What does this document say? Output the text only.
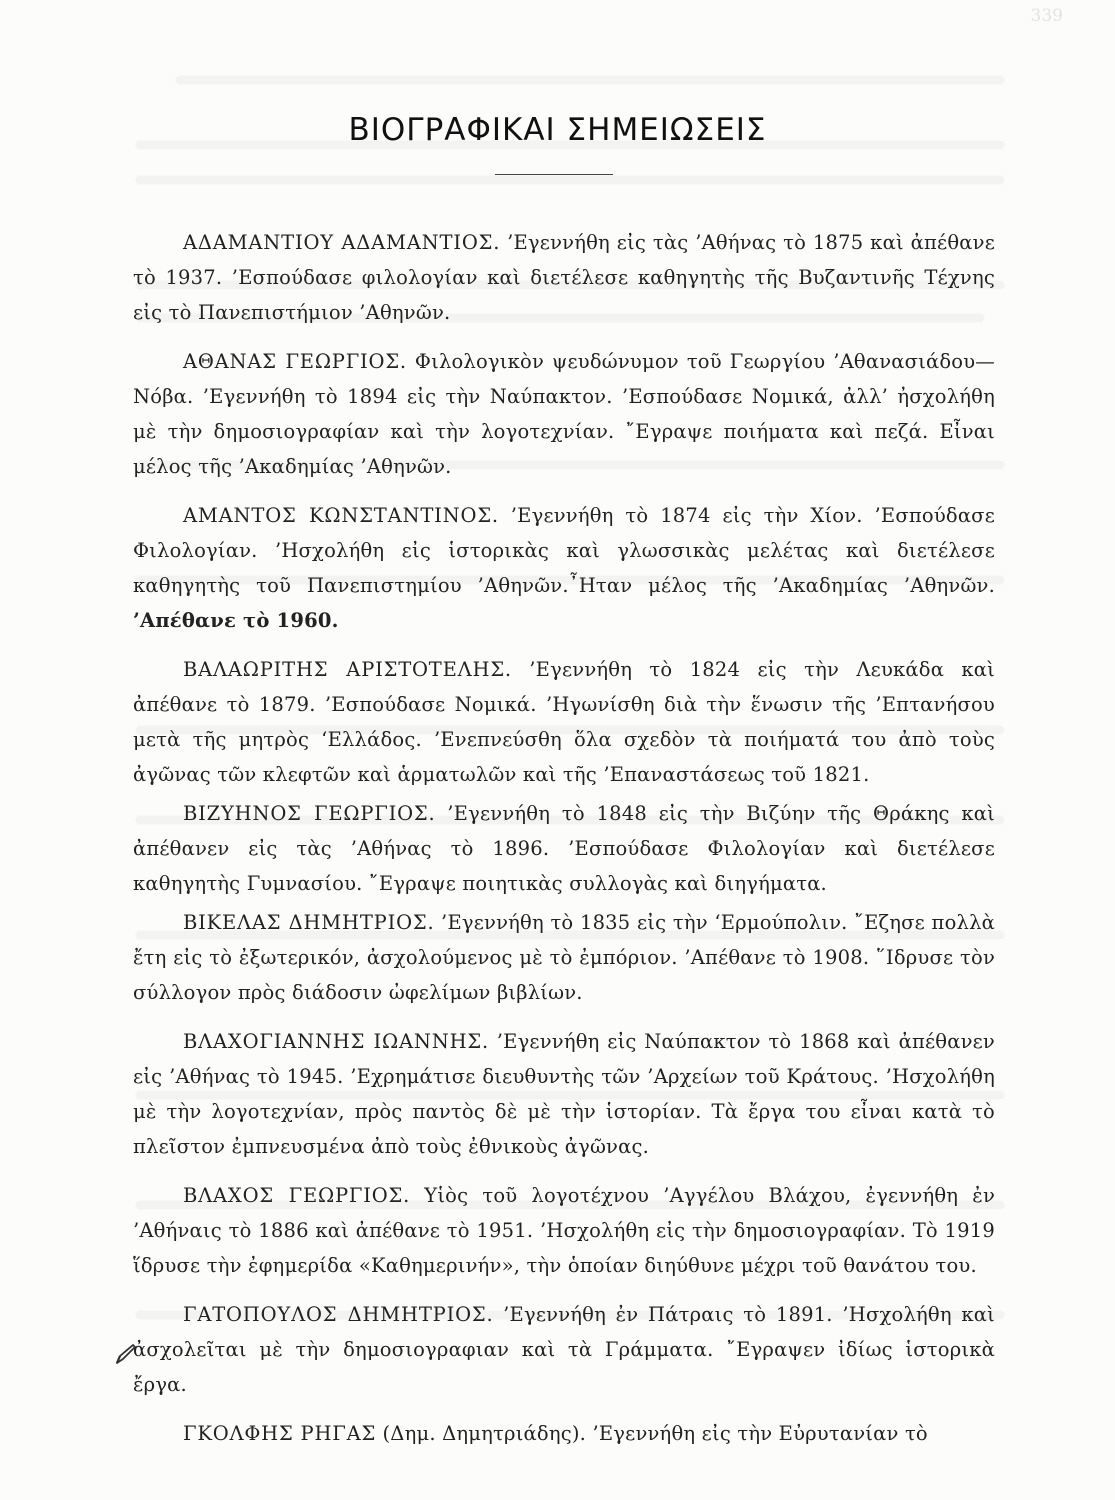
339
ΒΙΟΓΡΑΦΙΚΑΙ ΣΗΜΕΙΩΣΕΙΣ

ΑΔΑΜΑΝΤΙΟΥ ΑΔΑΜΑΝΤΙΟΣ. ’Εγεννήθη εἰς τὰς ’Αθήνας τὸ 1875 καὶ ἀπέθανε τὸ 1937. ’Εσπούδασε φιλολογίαν καὶ διετέλεσε καθηγητὴς τῆς Βυζαντινῆς Τέχνης εἰς τὸ Πανεπιστήμιον ’Αθηνῶν.

ΑΘΑΝΑΣ ΓΕΩΡΓΙΟΣ. Φιλολογικὸν ψευδώνυμον τοῦ Γεωργίου ’Αθανασιάδου—Νόβα. ’Εγεννήθη τὸ 1894 εἰς τὴν Ναύπακτον. ’Εσπούδασε Νομικά, ἀλλ’ ἠσχολήθη μὲ τὴν δημοσιογραφίαν καὶ τὴν λογοτεχνίαν. ῎Εγραψε ποιήματα καὶ πεζά. Εἶναι μέλος τῆς ’Ακαδημίας ’Αθηνῶν.

ΑΜΑΝΤΟΣ ΚΩΝΣΤΑΝΤΙΝΟΣ. ’Εγεννήθη τὸ 1874 εἰς τὴν Χίον. ’Εσπούδασε Φιλολογίαν. ’Ησχολήθη εἰς ἱστορικὰς καὶ γλωσσικὰς μελέτας καὶ διετέλεσε καθηγητὴς τοῦ Πανεπιστημίου ’Αθηνῶν.῏Ηταν μέλος τῆς ’Ακαδημίας ’Αθηνῶν. ’Απέθανε τὸ 1960.

ΒΑΛΑΩΡΙΤΗΣ ΑΡΙΣΤΟΤΕΛΗΣ. ’Εγεννήθη τὸ 1824 εἰς τὴν Λευκάδα καὶ ἀπέθανε τὸ 1879. ’Εσπούδασε Νομικά. ’Ηγωνίσθη διὰ τὴν ἕνωσιν τῆς ’Επτανήσου μετὰ τῆς μητρὸς ‘Ελλάδος. ’Ενεπνεύσθη ὅλα σχεδὸν τὰ ποιήματά του ἀπὸ τοὺς ἀγῶνας τῶν κλεφτῶν καὶ ἁρματωλῶν καὶ τῆς ’Επαναστάσεως τοῦ 1821.

ΒΙΖΥΗΝΟΣ ΓΕΩΡΓΙΟΣ. ’Εγεννήθη τὸ 1848 εἰς τὴν Βιζύην τῆς Θράκης καὶ ἀπέθανεν εἰς τὰς ’Αθήνας τὸ 1896. ’Εσπούδασε Φιλολογίαν καὶ διετέλεσε καθηγητὴς Γυμνασίου. ῎Εγραψε ποιητικὰς συλλογὰς καὶ διηγήματα.

ΒΙΚΕΛΑΣ ΔΗΜΗΤΡΙΟΣ. ’Εγεννήθη τὸ 1835 εἰς τὴν ‘Ερμούπολιν. ῎Εζησε πολλὰ ἔτη εἰς τὸ ἐξωτερικόν, ἀσχολούμενος μὲ τὸ ἐμπόριον. ’Απέθανε τὸ 1908. ῞Ιδρυσε τὸν σύλλογον πρὸς διάδοσιν ὠφελίμων βιβλίων.

ΒΛΑΧΟΓΙΑΝΝΗΣ ΙΩΑΝΝΗΣ. ’Εγεννήθη εἰς Ναύπακτον τὸ 1868 καὶ ἀπέθανεν εἰς ’Αθήνας τὸ 1945. ’Εχρημάτισε διευθυντὴς τῶν ’Αρχείων τοῦ Κράτους. ’Ησχολήθη μὲ τὴν λογοτεχνίαν, πρὸς παντὸς δὲ μὲ τὴν ἱστορίαν. Τὰ ἔργα του εἶναι κατὰ τὸ πλεῖστον ἐμπνευσμένα ἀπὸ τοὺς ἐθνικοὺς ἀγῶνας.

ΒΛΑΧΟΣ ΓΕΩΡΓΙΟΣ. Υἱὸς τοῦ λογοτέχνου ’Αγγέλου Βλάχου, ἐγεννήθη ἐν ’Αθήναις τὸ 1886 καὶ ἀπέθανε τὸ 1951. ’Ησχολήθη εἰς τὴν δημοσιογραφίαν. Τὸ 1919 ἵδρυσε τὴν ἐφημερίδα «Καθημερινήν», τὴν ὁποίαν διηύθυνε μέχρι τοῦ θανάτου του.

ΓΑΤΟΠΟΥΛΟΣ ΔΗΜΗΤΡΙΟΣ. ’Εγεννήθη ἐν Πάτραις τὸ 1891. ’Ησχολήθη καὶ ἀσχολεῖται μὲ τὴν δημοσιογραφιαν καὶ τὰ Γράμματα. ῎Εγραψεν ἰδίως ἱστορικὰ ἔργα.

ΓΚΟΛΦΗΣ ΡΗΓΑΣ (Δημ. Δημητριάδης). ’Εγεννήθη εἰς τὴν Εὐρυτανίαν τὸ
